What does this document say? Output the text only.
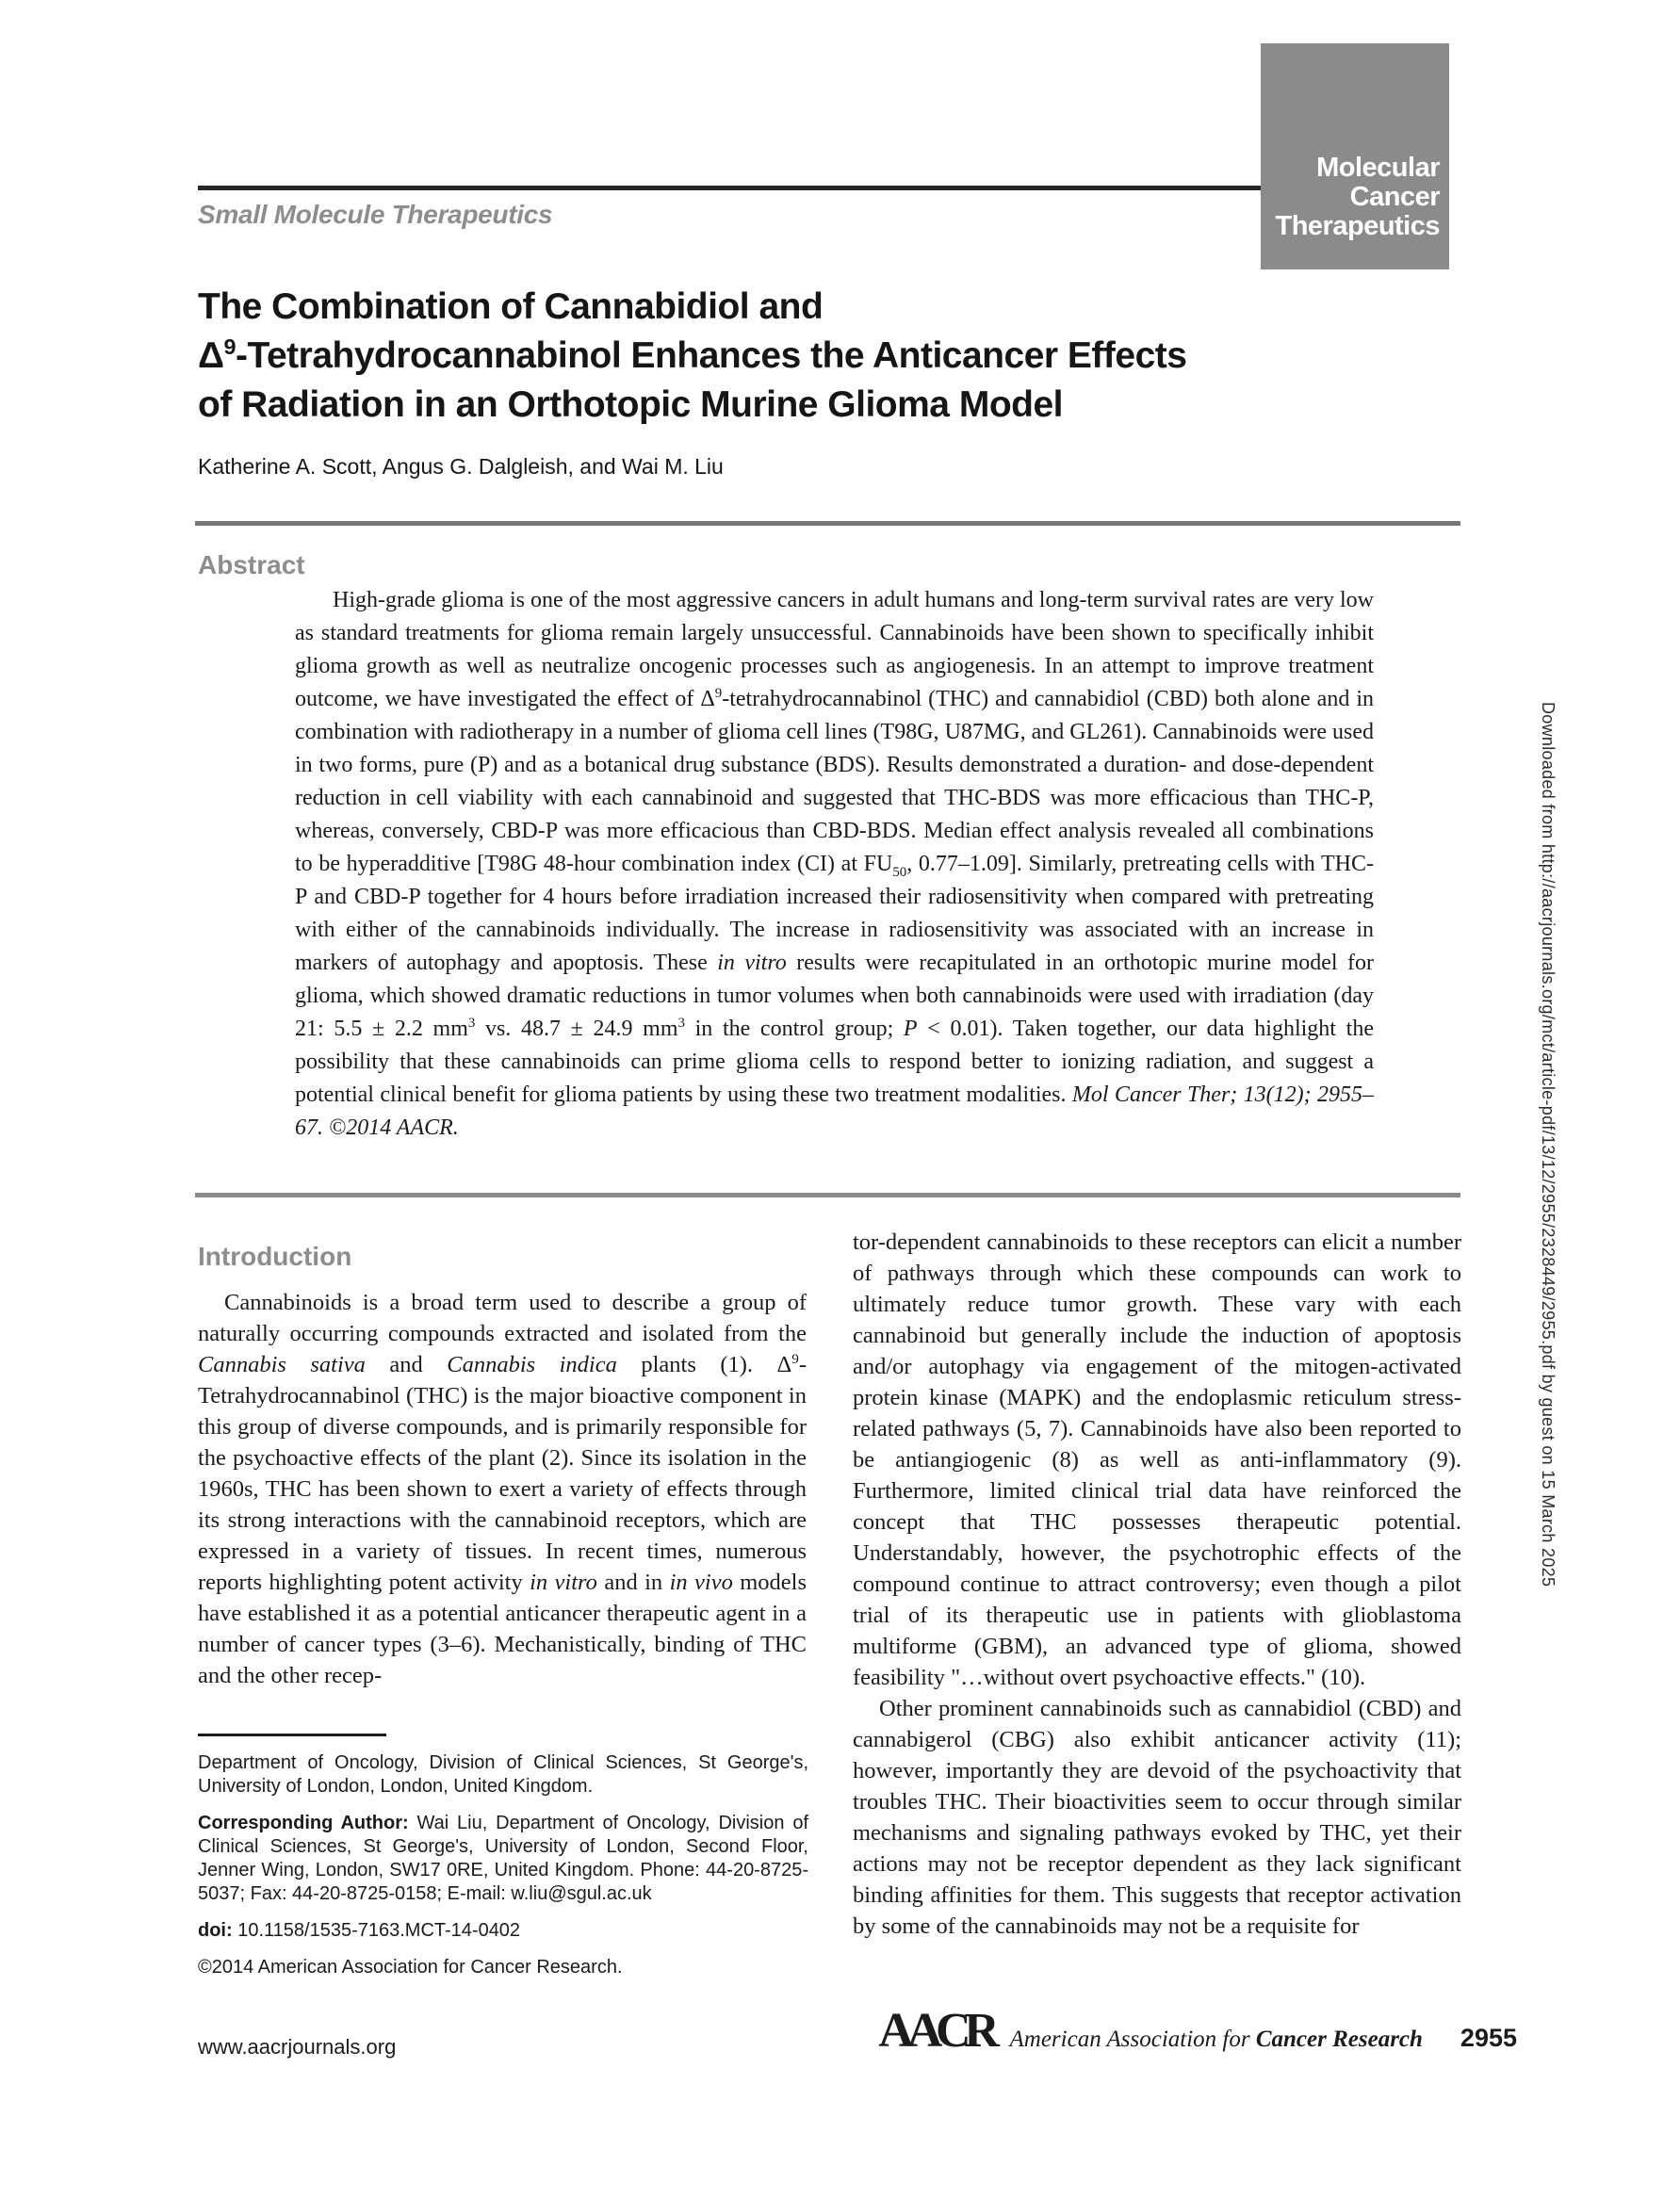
Small Molecule Therapeutics
Molecular
Cancer
Therapeutics
The Combination of Cannabidiol and
$\Delta^9$-Tetrahydrocannabinol Enhances the Anticancer Effects
of Radiation in an Orthotopic Murine Glioma Model
Katherine A. Scott, Angus G. Dalgleish, and Wai M. Liu
Abstract
High-grade glioma is one of the most aggressive cancers in adult humans and long-term survival rates are very low as standard treatments for glioma remain largely unsuccessful. Cannabinoids have been shown to specifically inhibit glioma growth as well as neutralize oncogenic processes such as angiogenesis. In an attempt to improve treatment outcome, we have investigated the effect of $\Delta^9$-tetrahydrocannabinol (THC) and cannabidiol (CBD) both alone and in combination with radiotherapy in a number of glioma cell lines (T98G, U87MG, and GL261). Cannabinoids were used in two forms, pure (P) and as a botanical drug substance (BDS). Results demonstrated a duration- and dose-dependent reduction in cell viability with each cannabinoid and suggested that THC-BDS was more efficacious than THC-P, whereas, conversely, CBD-P was more efficacious than CBD-BDS. Median effect analysis revealed all combinations to be hyperadditive [T98G 48-hour combination index (CI) at $FU_{50}$, 0.77–1.09]. Similarly, pretreating cells with THC-P and CBD-P together for 4 hours before irradiation increased their radiosensitivity when compared with pretreating with either of the cannabinoids individually. The increase in radiosensitivity was associated with an increase in markers of autophagy and apoptosis. These in vitro results were recapitulated in an orthotopic murine model for glioma, which showed dramatic reductions in tumor volumes when both cannabinoids were used with irradiation (day 21: 5.5 ± 2.2 $mm^3$ vs. 48.7 ± 24.9 $mm^3$ in the control group; P < 0.01). Taken together, our data highlight the possibility that these cannabinoids can prime glioma cells to respond better to ionizing radiation, and suggest a potential clinical benefit for glioma patients by using these two treatment modalities. Mol Cancer Ther; 13(12); 2955–67. ©2014 AACR.
Introduction

Cannabinoids is a broad term used to describe a group of naturally occurring compounds extracted and isolated from the Cannabis sativa and Cannabis indica plants (1). $\Delta^9$-Tetrahydrocannabinol (THC) is the major bioactive component in this group of diverse compounds, and is primarily responsible for the psychoactive effects of the plant (2). Since its isolation in the 1960s, THC has been shown to exert a variety of effects through its strong interactions with the cannabinoid receptors, which are expressed in a variety of tissues. In recent times, numerous reports highlighting potent activity in vitro and in in vivo models have established it as a potential anticancer therapeutic agent in a number of cancer types (3–6). Mechanistically, binding of THC and the other recep-

tor-dependent cannabinoids to these receptors can elicit a number of pathways through which these compounds can work to ultimately reduce tumor growth. These vary with each cannabinoid but generally include the induction of apoptosis and/or autophagy via engagement of the mitogen-activated protein kinase (MAPK) and the endoplasmic reticulum stress-related pathways (5, 7). Cannabinoids have also been reported to be antiangiogenic (8) as well as anti-inflammatory (9). Furthermore, limited clinical trial data have reinforced the concept that THC possesses therapeutic potential. Understandably, however, the psychotrophic effects of the compound continue to attract controversy; even though a pilot trial of its therapeutic use in patients with glioblastoma multiforme (GBM), an advanced type of glioma, showed feasibility "…without overt psychoactive effects." (10).

Other prominent cannabinoids such as cannabidiol (CBD) and cannabigerol (CBG) also exhibit anticancer activity (11); however, importantly they are devoid of the psychoactivity that troubles THC. Their bioactivities seem to occur through similar mechanisms and signaling pathways evoked by THC, yet their actions may not be receptor dependent as they lack significant binding affinities for them. This suggests that receptor activation by some of the cannabinoids may not be a requisite for

Department of Oncology, Division of Clinical Sciences, St George's, University of London, London, United Kingdom.

Corresponding Author: Wai Liu, Department of Oncology, Division of Clinical Sciences, St George's, University of London, Second Floor, Jenner Wing, London, SW17 0RE, United Kingdom. Phone: 44-20-8725-5037; Fax: 44-20-8725-0158; E-mail: w.liu@sgul.ac.uk

doi: 10.1158/1535-7163.MCT-14-0402

©2014 American Association for Cancer Research.

www.aacrjournals.org	AACR American Association for Cancer Research 2955
Downloaded from http://aacrjournals.org/mct/article-pdf/13/12/2955/2328449/2955.pdf by guest on 15 March 2025
